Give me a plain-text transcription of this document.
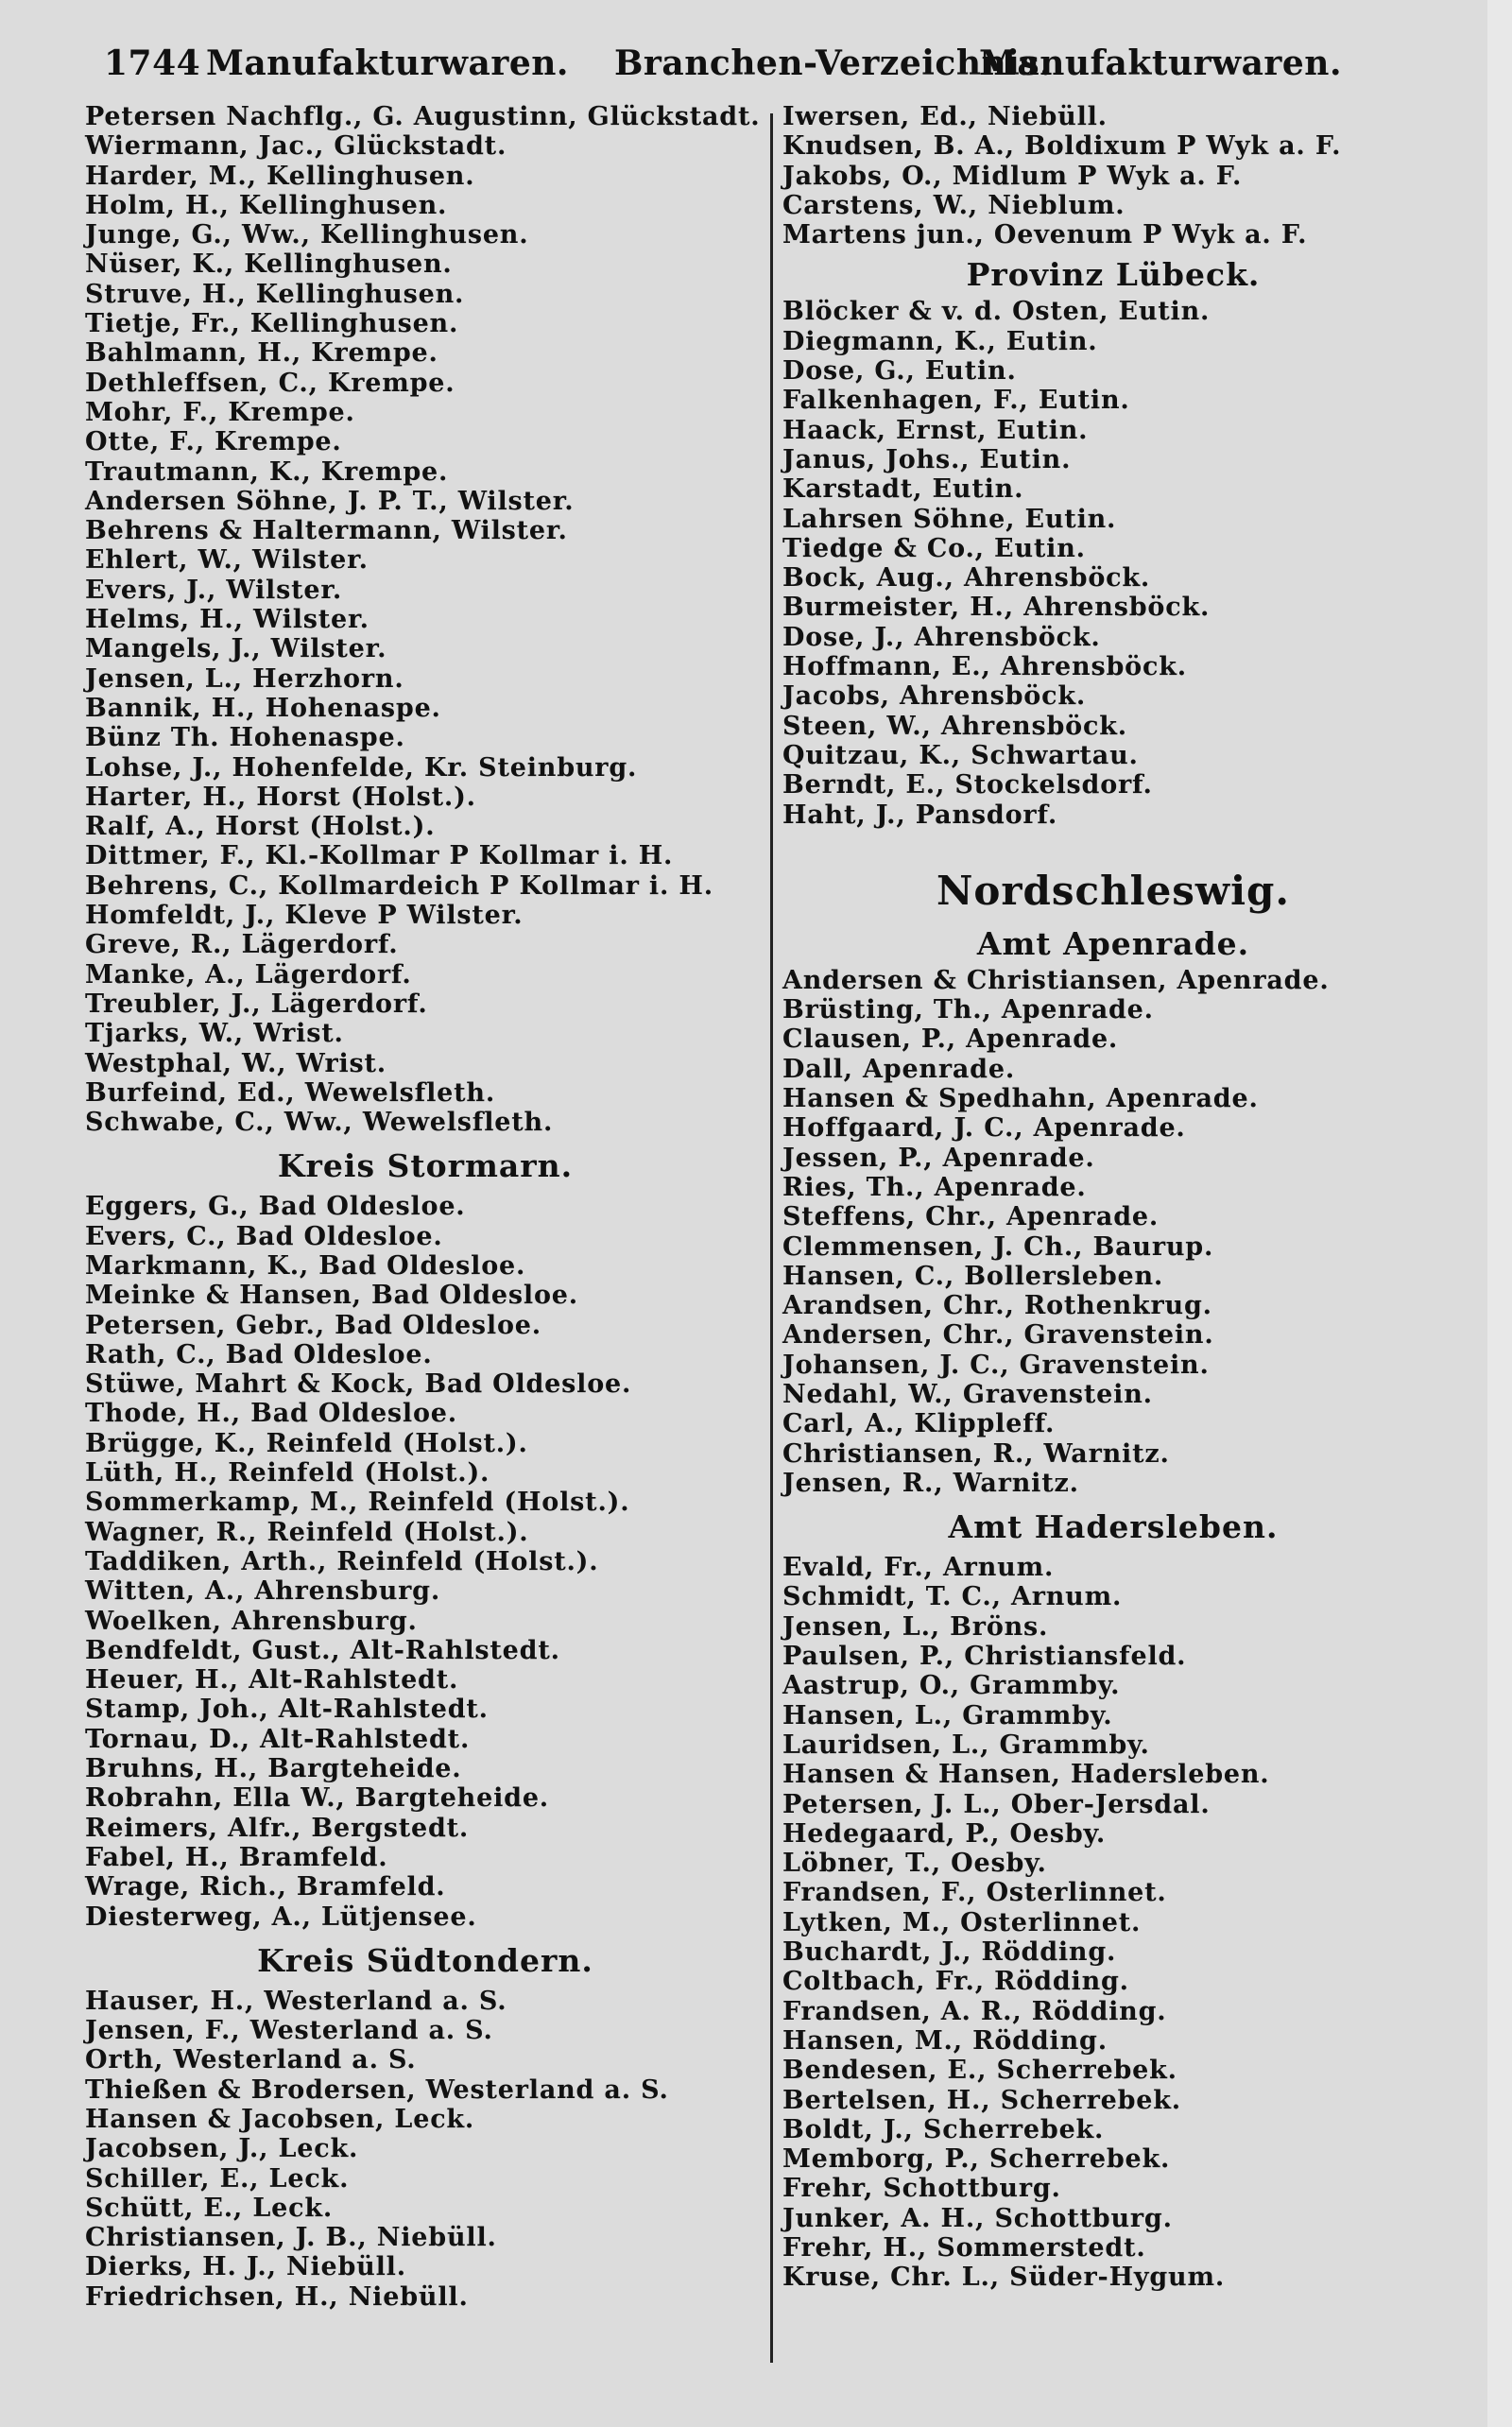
1744 Manufakturwaren. Branchen-Verzeichnis.
Manufakturwaren.
Petersen Nachflg., G. Augustinn, Glückstadt.
Wiermann, Jac., Glückstadt.
Harder, M., Kellinghusen.
Holm, H., Kellinghusen.
Junge, G., Ww., Kellinghusen.
Nüser, K., Kellinghusen.
Struve, H., Kellinghusen.
Tietje, Fr., Kellinghusen.
Bahlmann, H., Krempe.
Dethleffsen, C., Krempe.
Mohr, F., Krempe.
Otte, F., Krempe.
Trautmann, K., Krempe.
Andersen Söhne, J. P. T., Wilster.
Behrens & Haltermann, Wilster.
Ehlert, W., Wilster.
Evers, J., Wilster.
Helms, H., Wilster.
Mangels, J., Wilster.
Jensen, L., Herzhorn.
Bannik, H., Hohenaspe.
Bünz Th. Hohenaspe.
Lohse, J., Hohenfelde, Kr. Steinburg.
Harter, H., Horst (Holst.).
Ralf, A., Horst (Holst.).
Dittmer, F., Kl.-Kollmar P Kollmar i. H.
Behrens, C., Kollmardeich P Kollmar i. H.
Homfeldt, J., Kleve P Wilster.
Greve, R., Lägerdorf.
Manke, A., Lägerdorf.
Treubler, J., Lägerdorf.
Tjarks, W., Wrist.
Westphal, W., Wrist.
Burfeind, Ed., Wewelsfleth.
Schwabe, C., Ww., Wewelsfleth.
Kreis Stormarn.
Eggers, G., Bad Oldesloe.
Evers, C., Bad Oldesloe.
Markmann, K., Bad Oldesloe.
Meinke & Hansen, Bad Oldesloe.
Petersen, Gebr., Bad Oldesloe.
Rath, C., Bad Oldesloe.
Stüwe, Mahrt & Kock, Bad Oldesloe.
Thode, H., Bad Oldesloe.
Brügge, K., Reinfeld (Holst.).
Lüth, H., Reinfeld (Holst.).
Sommerkamp, M., Reinfeld (Holst.).
Wagner, R., Reinfeld (Holst.).
Taddiken, Arth., Reinfeld (Holst.).
Witten, A., Ahrensburg.
Woelken, Ahrensburg.
Bendfeldt, Gust., Alt-Rahlstedt.
Heuer, H., Alt-Rahlstedt.
Stamp, Joh., Alt-Rahlstedt.
Tornau, D., Alt-Rahlstedt.
Bruhns, H., Bargteheide.
Robrahn, Ella W., Bargteheide.
Reimers, Alfr., Bergstedt.
Fabel, H., Bramfeld.
Wrage, Rich., Bramfeld.
Diesterweg, A., Lütjensee.
Kreis Südtondern.
Hauser, H., Westerland a. S.
Jensen, F., Westerland a. S.
Orth, Westerland a. S.
Thießen & Brodersen, Westerland a. S.
Hansen & Jacobsen, Leck.
Jacobsen, J., Leck.
Schiller, E., Leck.
Schütt, E., Leck.
Christiansen, J. B., Niebüll.
Dierks, H. J., Niebüll.
Friedrichsen, H., Niebüll.
Iwersen, Ed., Niebüll.
Knudsen, B. A., Boldixum P Wyk a. F.
Jakobs, O., Midlum P Wyk a. F.
Carstens, W., Nieblum.
Martens jun., Oevenum P Wyk a. F.
Provinz Lübeck.
Blöcker & v. d. Osten, Eutin.
Diegmann, K., Eutin.
Dose, G., Eutin.
Falkenhagen, F., Eutin.
Haack, Ernst, Eutin.
Janus, Johs., Eutin.
Karstadt, Eutin.
Lahrsen Söhne, Eutin.
Tiedge & Co., Eutin.
Bock, Aug., Ahrensböck.
Burmeister, H., Ahrensböck.
Dose, J., Ahrensböck.
Hoffmann, E., Ahrensböck.
Jacobs, Ahrensböck.
Steen, W., Ahrensböck.
Quitzau, K., Schwartau.
Berndt, E., Stockelsdorf.
Haht, J., Pansdorf.
Nordschleswig.
Amt Apenrade.
Andersen & Christiansen, Apenrade.
Brüsting, Th., Apenrade.
Clausen, P., Apenrade.
Dall, Apenrade.
Hansen & Spedhahn, Apenrade.
Hoffgaard, J. C., Apenrade.
Jessen, P., Apenrade.
Ries, Th., Apenrade.
Steffens, Chr., Apenrade.
Clemmensen, J. Ch., Baurup.
Hansen, C., Bollersleben.
Arandsen, Chr., Rothenkrug.
Andersen, Chr., Gravenstein.
Johansen, J. C., Gravenstein.
Nedahl, W., Gravenstein.
Carl, A., Klippleff.
Christiansen, R., Warnitz.
Jensen, R., Warnitz.
Amt Hadersleben.
Evald, Fr., Arnum.
Schmidt, T. C., Arnum.
Jensen, L., Bröns.
Paulsen, P., Christiansfeld.
Aastrup, O., Grammby.
Hansen, L., Grammby.
Lauridsen, L., Grammby.
Hansen & Hansen, Hadersleben.
Petersen, J. L., Ober-Jersdal.
Hedegaard, P., Oesby.
Löbner, T., Oesby.
Frandsen, F., Osterlinnet.
Lytken, M., Osterlinnet.
Buchardt, J., Rödding.
Coltbach, Fr., Rödding.
Frandsen, A. R., Rödding.
Hansen, M., Rödding.
Bendesen, E., Scherrebek.
Bertelsen, H., Scherrebek.
Boldt, J., Scherrebek.
Memborg, P., Scherrebek.
Frehr, Schottburg.
Junker, A. H., Schottburg.
Frehr, H., Sommerstedt.
Kruse, Chr. L., Süder-Hygum.
